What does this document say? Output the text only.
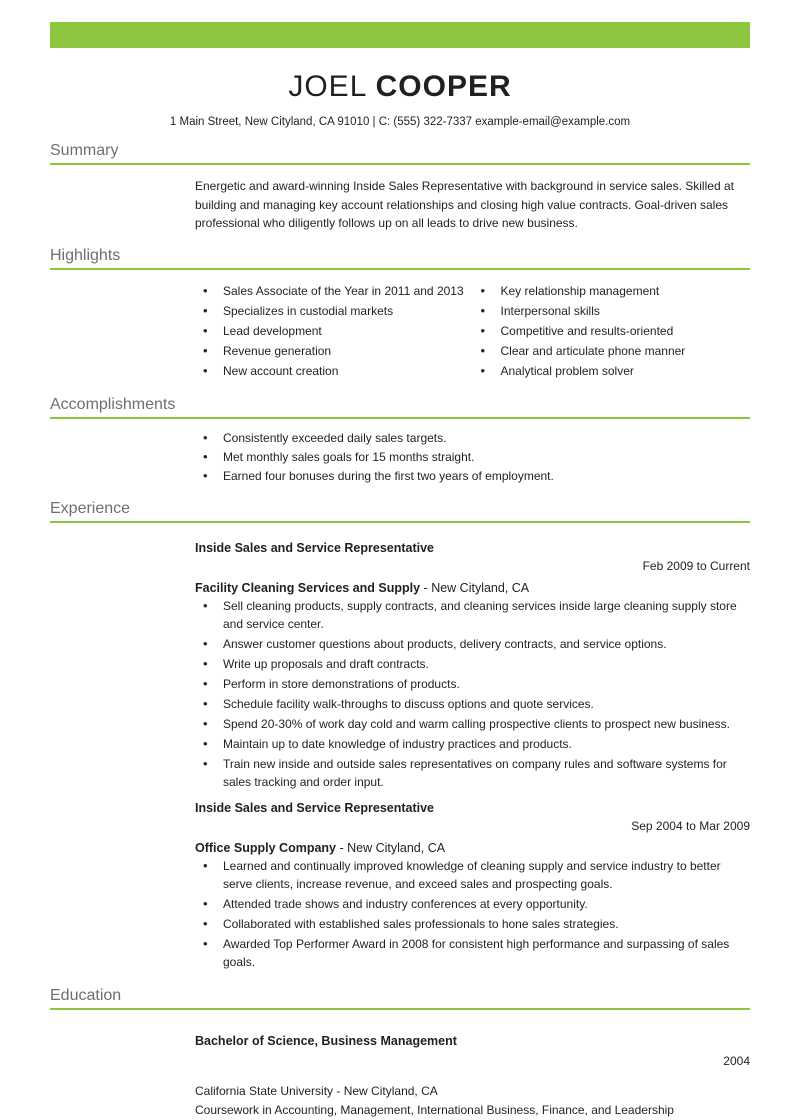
JOEL COOPER
1 Main Street, New Cityland, CA 91010 | C: (555) 322-7337 example-email@example.com
Summary

Energetic and award-winning Inside Sales Representative with background in service sales. Skilled at building and managing key account relationships and closing high value contracts. Goal-driven sales professional who diligently follows up on all leads to drive new business.

Highlights
• Sales Associate of the Year in 2011 and 2013
• Specializes in custodial markets
• Lead development
• Revenue generation
• New account creation
• Key relationship management
• Interpersonal skills
• Competitive and results-oriented
• Clear and articulate phone manner
• Analytical problem solver
Accomplishments
• Consistently exceeded daily sales targets.
• Met monthly sales goals for 15 months straight.
• Earned four bonuses during the first two years of employment.
Experience
Inside Sales and Service Representative
Feb 2009 to Current
Facility Cleaning Services and Supply - New Cityland, CA
• Sell cleaning products, supply contracts, and cleaning services inside large cleaning supply store and service center.
• Answer customer questions about products, delivery contracts, and service options.
• Write up proposals and draft contracts.
• Perform in store demonstrations of products.
• Schedule facility walk-throughs to discuss options and quote services.
• Spend 20-30% of work day cold and warm calling prospective clients to prospect new business.
• Maintain up to date knowledge of industry practices and products.
• Train new inside and outside sales representatives on company rules and software systems for sales tracking and order input.
Inside Sales and Service Representative
Sep 2004 to Mar 2009
Office Supply Company - New Cityland, CA
• Learned and continually improved knowledge of cleaning supply and service industry to better serve clients, increase revenue, and exceed sales and prospecting goals.
• Attended trade shows and industry conferences at every opportunity.
• Collaborated with established sales professionals to hone sales strategies.
• Awarded Top Performer Award in 2008 for consistent high performance and surpassing of sales goals.
Education
Bachelor of Science, Business Management
2004
California State University - New Cityland, CA
Coursework in Accounting, Management, International Business, Finance, and Leadership
